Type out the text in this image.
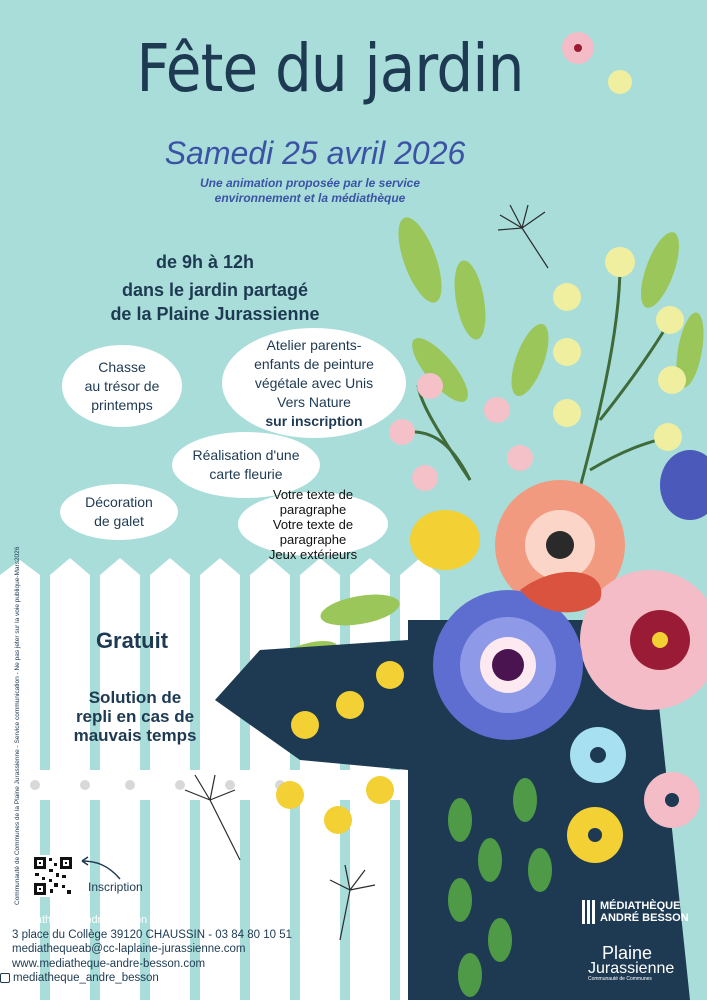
Fête du jardin
Samedi 25 avril 2026
Une animation proposée par le service
environnement et la médiathèque
de 9h à 12h
dans le jardin partagé
de la Plaine Jurassienne
Chasse
au trésor de
printemps
Atelier parents-
enfants de peinture
végétale avec Unis
Vers Nature
sur inscription
Réalisation d'une
carte fleurie
Décoration
de galet
Votre texte de paragraphe
Votre texte de paragraphe
Jeux extérieurs
Gratuit
Solution de
repli en cas de
mauvais temps
Communauté de Communes de la Plaine Jurassienne - Service communication - Ne pas jeter sur la voie publique-Mars2026	Inscription
Médiathèque André Besson
3 place du Collège 39120 CHAUSSIN - 03 84 80 10 51
mediathequeab@cc-laplaine-jurassienne.com
www.mediatheque-andre-besson.com
mediatheque_andre_besson
MÉDIATHÈQUE
ANDRÉ BESSON
Plaine
Jurassienne
Communauté de Communes
